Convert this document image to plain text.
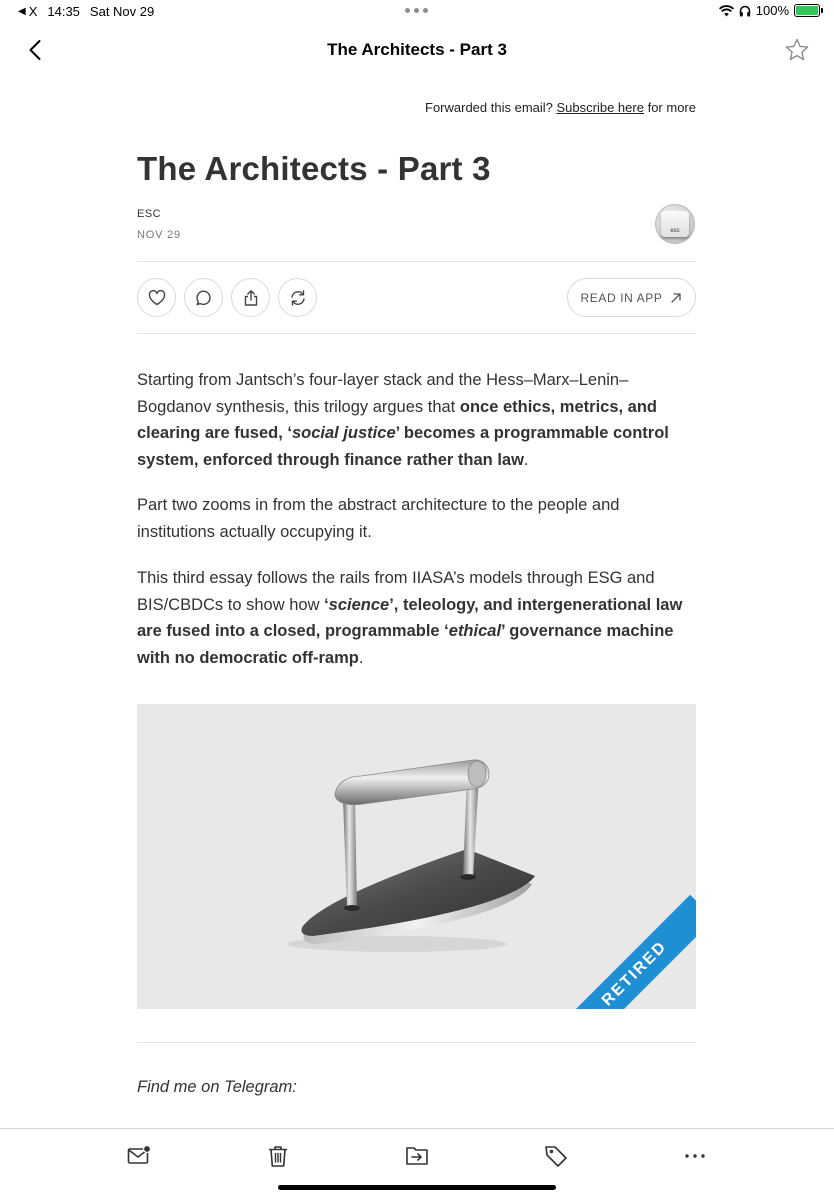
◀ X 14:35 Sat Nov 29	100%
The Architects - Part 3
Forwarded this email? Subscribe here for more
The Architects - Part 3
ESC
NOV 29	esc
READ IN APP

Starting from Jantsch’s four-layer stack and the Hess–Marx–Lenin–Bogdanov synthesis, this trilogy argues that once ethics, metrics, and clearing are fused, ‘social justice’ becomes a programmable control system, enforced through finance rather than law.

Part two zooms in from the abstract architecture to the people and institutions actually occupying it.

This third essay follows the rails from IIASA’s models through ESG and BIS/CBDCs to show how ‘science’, teleology, and intergenerational law are fused into a closed, programmable ‘ethical’ governance machine with no democratic off-ramp.

RETIRED
Find me on Telegram:
